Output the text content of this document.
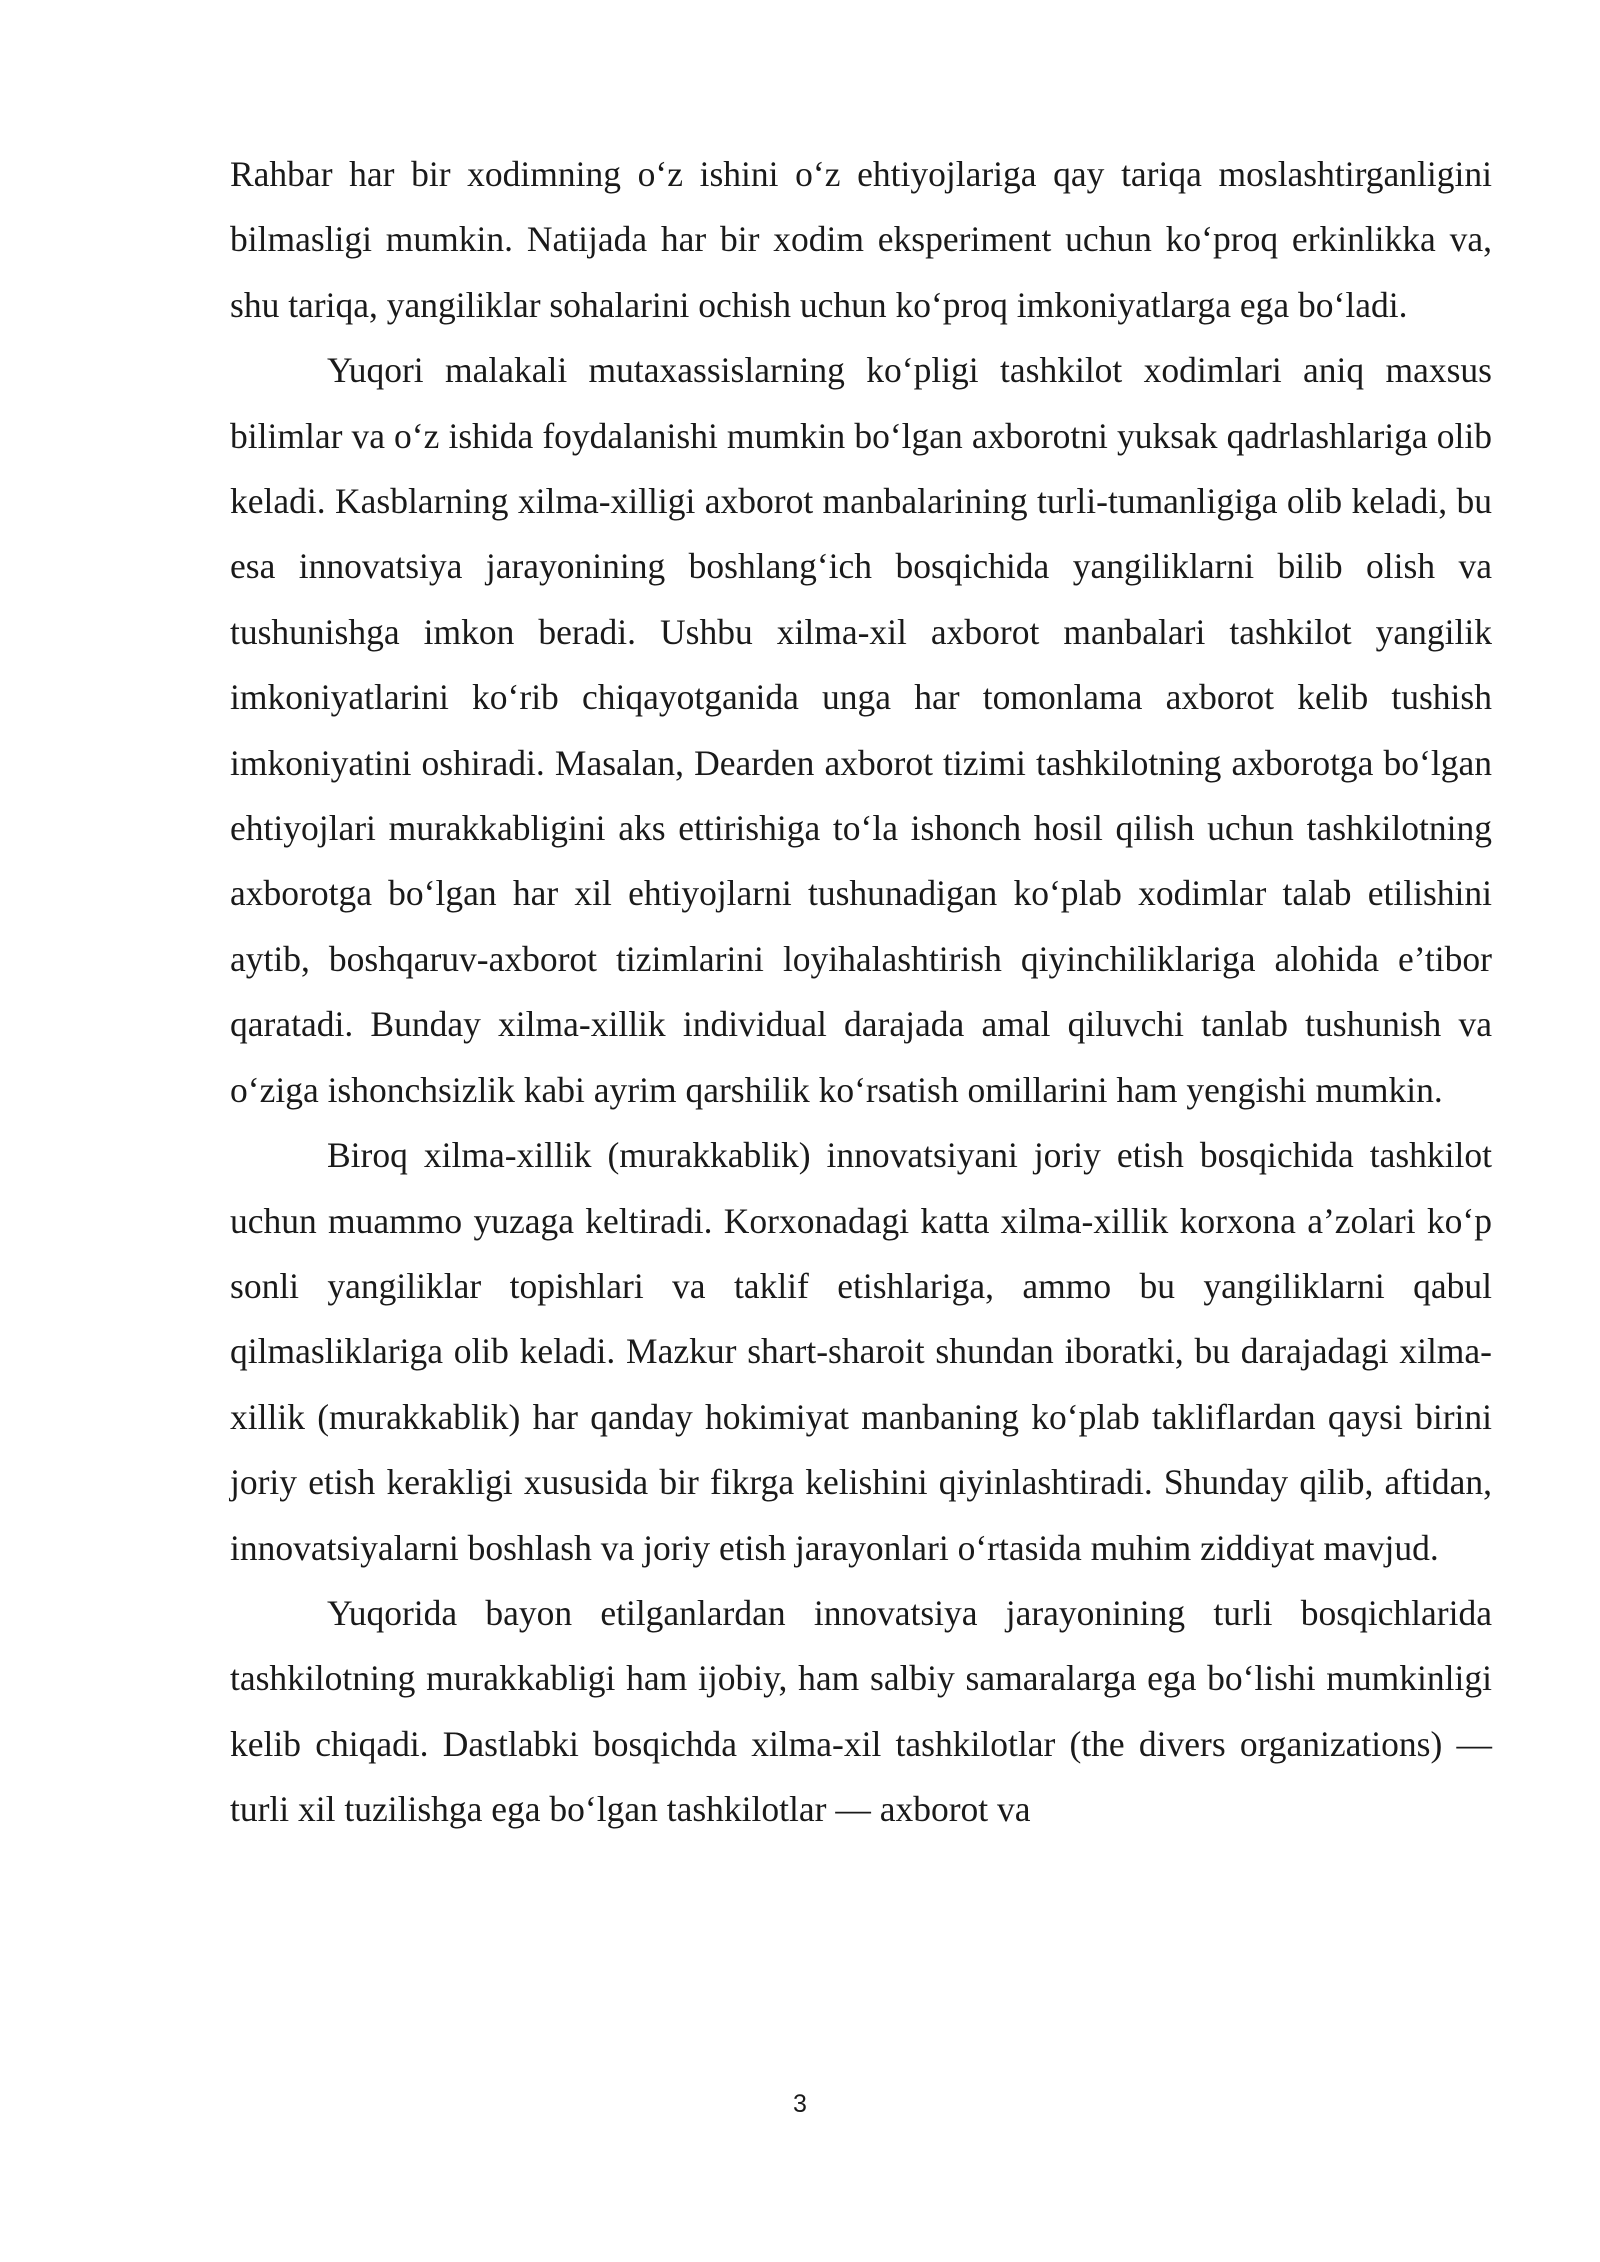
Rahbar har bir xodimning o‘z ishini o‘z ehtiyojlariga qay tariqa moslashtirganligini bilmasligi mumkin. Natijada har bir xodim eksperiment uchun ko‘proq erkinlikka va, shu tariqa, yangiliklar sohalarini ochish uchun ko‘proq imkoniyatlarga ega bo‘ladi.

Yuqori malakali mutaxassislarning ko‘pligi tashkilot xodimlari aniq maxsus bilimlar va o‘z ishida foydalanishi mumkin bo‘lgan axborotni yuksak qadrlashlariga olib keladi. Kasblarning xilma-xilligi axborot manbalarining turli-tumanligiga olib keladi, bu esa innovatsiya jarayonining boshlang‘ich bosqichida yangiliklarni bilib olish va tushunishga imkon beradi. Ushbu xilma-xil axborot manbalari tashkilot yangilik imkoniyatlarini ko‘rib chiqayotganida unga har tomonlama axborot kelib tushish imkoniyatini oshiradi. Masalan, Dearden axborot tizimi tashkilotning axborotga bo‘lgan ehtiyojlari murakkabligini aks ettirishiga to‘la ishonch hosil qilish uchun tashkilotning axborotga bo‘lgan har xil ehtiyojlarni tushunadigan ko‘plab xodimlar talab etilishini aytib, boshqaruv-axborot tizimlarini loyihalashtirish qiyinchiliklariga alohida e’tibor qaratadi. Bunday xilma-xillik individual darajada amal qiluvchi tanlab tushunish va o‘ziga ishonchsizlik kabi ayrim qarshilik ko‘rsatish omillarini ham yengishi mumkin.

Biroq xilma-xillik (murakkablik) innovatsiyani joriy etish bosqichida tashkilot uchun muammo yuzaga keltiradi. Korxonadagi katta xilma-xillik korxona a’zolari ko‘p sonli yangiliklar topishlari va taklif etishlariga, ammo bu yangiliklarni qabul qilmasliklariga olib keladi. Mazkur shart-sharoit shundan iboratki, bu darajadagi xilma-xillik (murakkablik) har qanday hokimiyat manbaning ko‘plab takliflardan qaysi birini joriy etish kerakligi xususida bir fikrga kelishini qiyinlashtiradi. Shunday qilib, aftidan, innovatsiyalarni boshlash va joriy etish jarayonlari o‘rtasida muhim ziddiyat mavjud.

Yuqorida bayon etilganlardan innovatsiya jarayonining turli bosqichlarida tashkilotning murakkabligi ham ijobiy, ham salbiy samaralarga ega bo‘lishi mumkinligi kelib chiqadi. Dastlabki bosqichda xilma-xil tashkilotlar (the divers organizations) — turli xil tuzilishga ega bo‘lgan tashkilotlar — axborot va

3
